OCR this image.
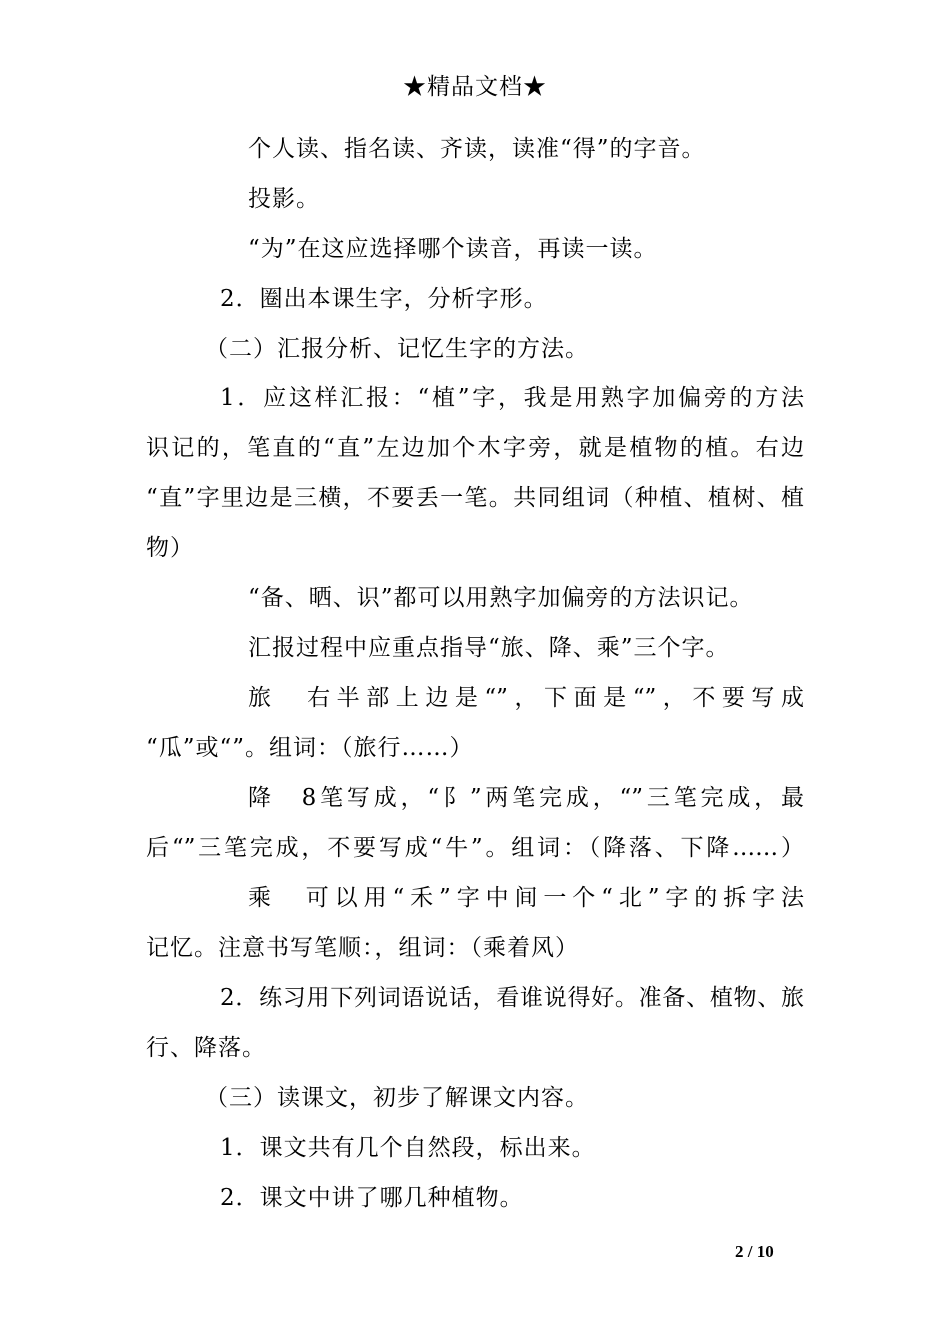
★精品文档★
个人读、指名读、齐读，读准“得”的字音。
投影。
“为”在这应选择哪个读音，再读一读。
2．圈出本课生字，分析字形。
（二）汇报分析、记忆生字的方法。
1．应这样汇报：“植”字，我是用熟字加偏旁的方法
识记的，笔直的“直”左边加个木字旁，就是植物的植。右边
“直”字里边是三横，不要丢一笔。共同组词（种植、植树、植
物）
“备、晒、识”都可以用熟字加偏旁的方法识记。
汇报过程中应重点指导“旅、降、乘”三个字。
旅　右半部上边是“”，下面是“”，不要写成
“瓜”或“”。组词：（旅行……）
降　8笔写成，“阝”两笔完成，“”三笔完成，最
后“”三笔完成，不要写成“牛”。组词：（降落、下降……）
乘　可以用“禾”字中间一个“北”字的拆字法
记忆。注意书写笔顺：，组词：（乘着风）
2．练习用下列词语说话，看谁说得好。准备、植物、旅
行、降落。
（三）读课文，初步了解课文内容。
1．课文共有几个自然段，标出来。
2．课文中讲了哪几种植物。
2 / 10
